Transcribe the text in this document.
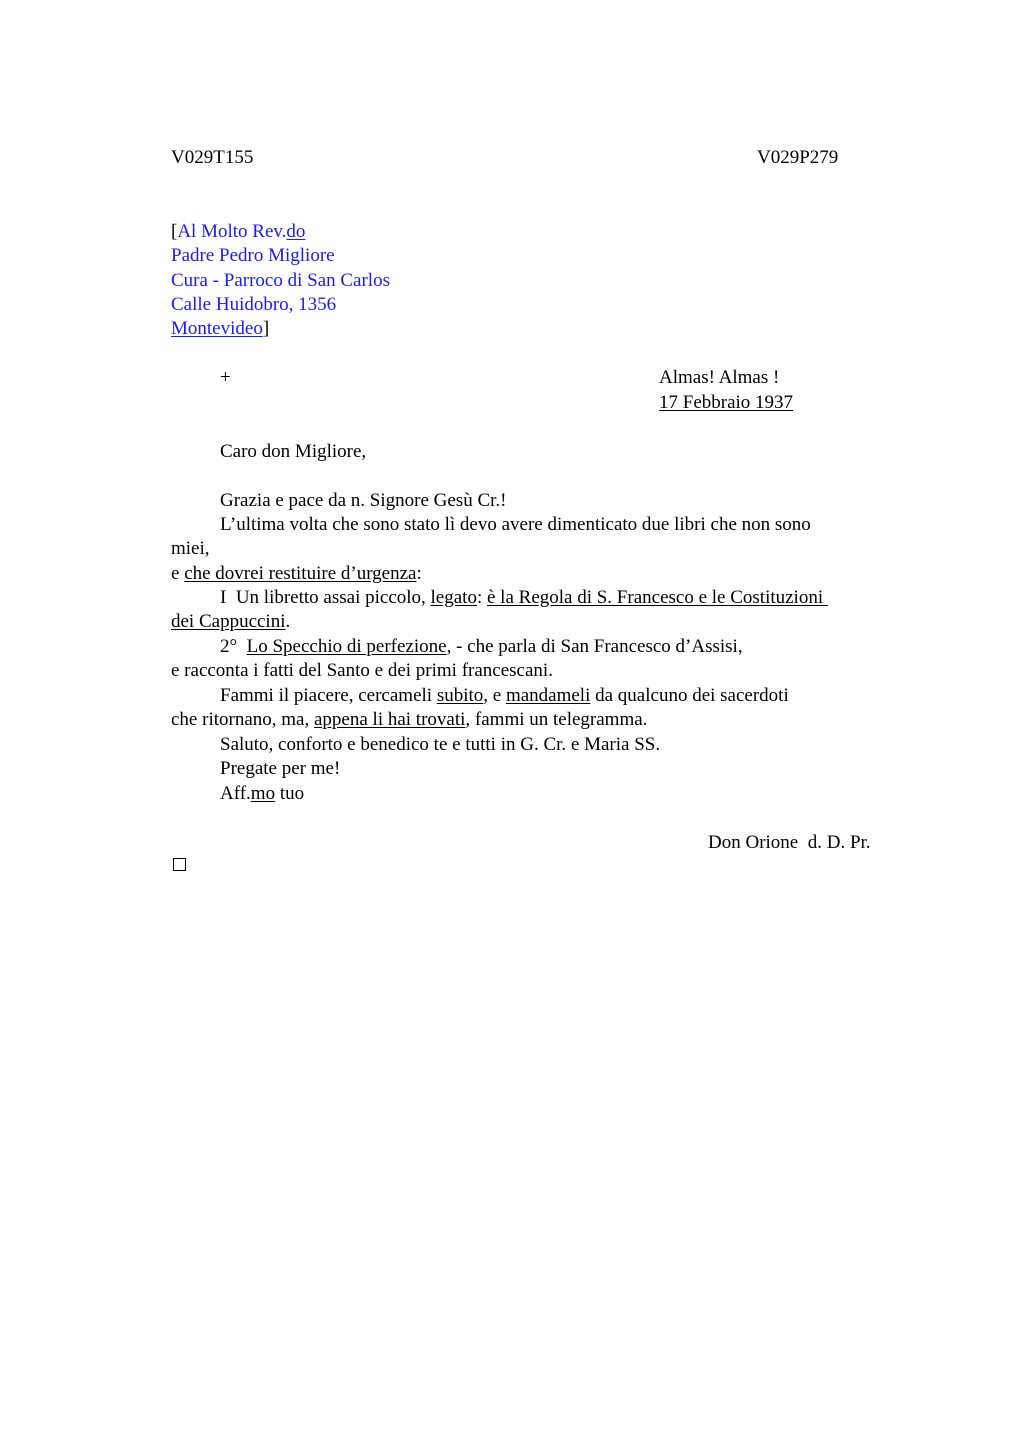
V029T155	V029P279
[Al Molto Rev.do
Padre Pedro Migliore
Cura - Parroco di San Carlos
Calle Huidobro, 1356
Montevideo]
+	Almas! Almas !
17 Febbraio 1937
Caro don Migliore,
Grazia e pace da n. Signore Gesù Cr.!
L’ultima volta che sono stato lì devo avere dimenticato due libri che non sono
miei,
e che dovrei restituire d’urgenza:
I  Un libretto assai piccolo, legato: è la Regola di S. Francesco e le Costituzioni
dei Cappuccini.
2°  Lo Specchio di perfezione, - che parla di San Francesco d’Assisi,
e racconta i fatti del Santo e dei primi francescani.
Fammi il piacere, cercameli subito, e mandameli da qualcuno dei sacerdoti
che ritornano, ma, appena li hai trovati, fammi un telegramma.
Saluto, conforto e benedico te e tutti in G. Cr. e Maria SS.
Pregate per me!
Aff.mo tuo
Don Orione  d. D. Pr.
